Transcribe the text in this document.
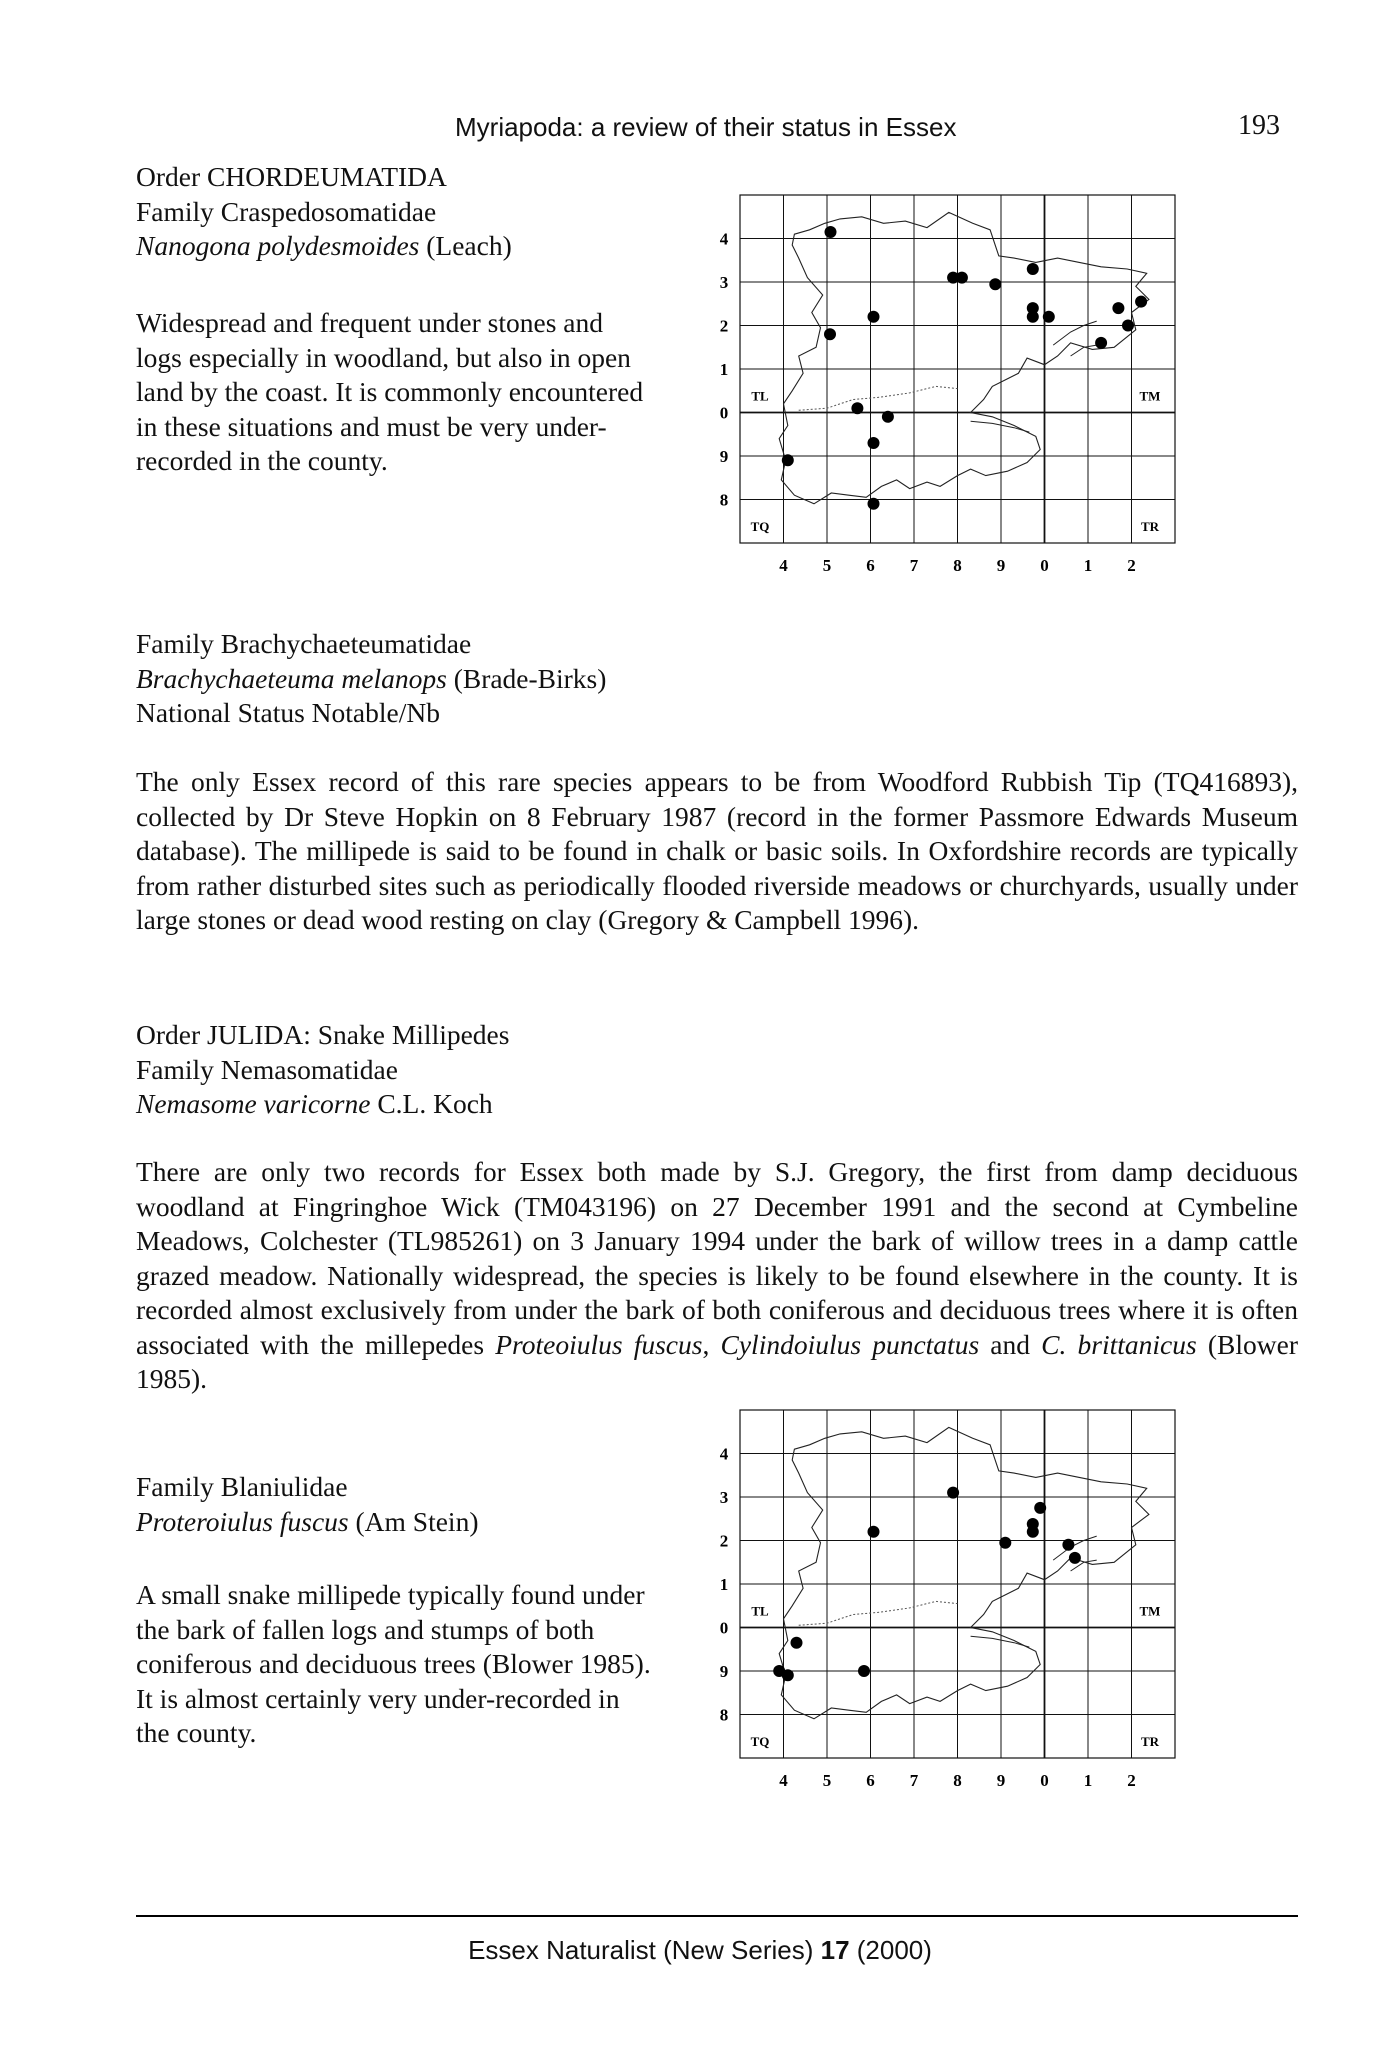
Myriapoda: a review of their status in Essex	193

Order CHORDEUMATIDA

Family Craspedosomatidae

Nanogona polydesmoides (Leach)

Widespread and frequent under stones and

logs especially in woodland, but also in open

land by the coast. It is commonly encountered

in these situations and must be very under-

recorded in the county.

Family Brachychaeteumatidae

Brachychaeteuma melanops (Brade-Birks)

National Status Notable/Nb

The only Essex record of this rare species appears to be from Woodford Rubbish Tip (TQ416893), collected by Dr Steve Hopkin on 8 February 1987 (record in the former Passmore Edwards Museum database). The millipede is said to be found in chalk or basic soils. In Oxfordshire records are typically from rather disturbed sites such as periodically flooded riverside meadows or churchyards, usually under large stones or dead wood resting on clay (Gregory & Campbell 1996).

Order JULIDA: Snake Millipedes

Family Nemasomatidae

Nemasome varicorne C.L. Koch

There are only two records for Essex both made by S.J. Gregory, the first from damp deciduous woodland at Fingringhoe Wick (TM043196) on 27 December 1991 and the second at Cymbeline Meadows, Colchester (TL985261) on 3 January 1994 under the bark of willow trees in a damp cattle grazed meadow. Nationally widespread, the species is likely to be found elsewhere in the county. It is recorded almost exclusively from under the bark of both coniferous and deciduous trees where it is often associated with the millepedes Proteoiulus fuscus, Cylindoiulus punctatus and C. brittanicus (Blower 1985).

Family Blaniulidae

Proteroiulus fuscus (Am Stein)

A small snake millipede typically found under

the bark of fallen logs and stumps of both

coniferous and deciduous trees (Blower 1985).

It is almost certainly very under-recorded in

the county.

4 5 6 7 8 9 0 1 2
4
3
2
1
0
9
8
TL	TM
TQ	TR
4 5 6 7 8 9 0 1 2
4
3
2
1
0
9
8
TL	TM
TQ	TR
Essex Naturalist (New Series) 17 (2000)
